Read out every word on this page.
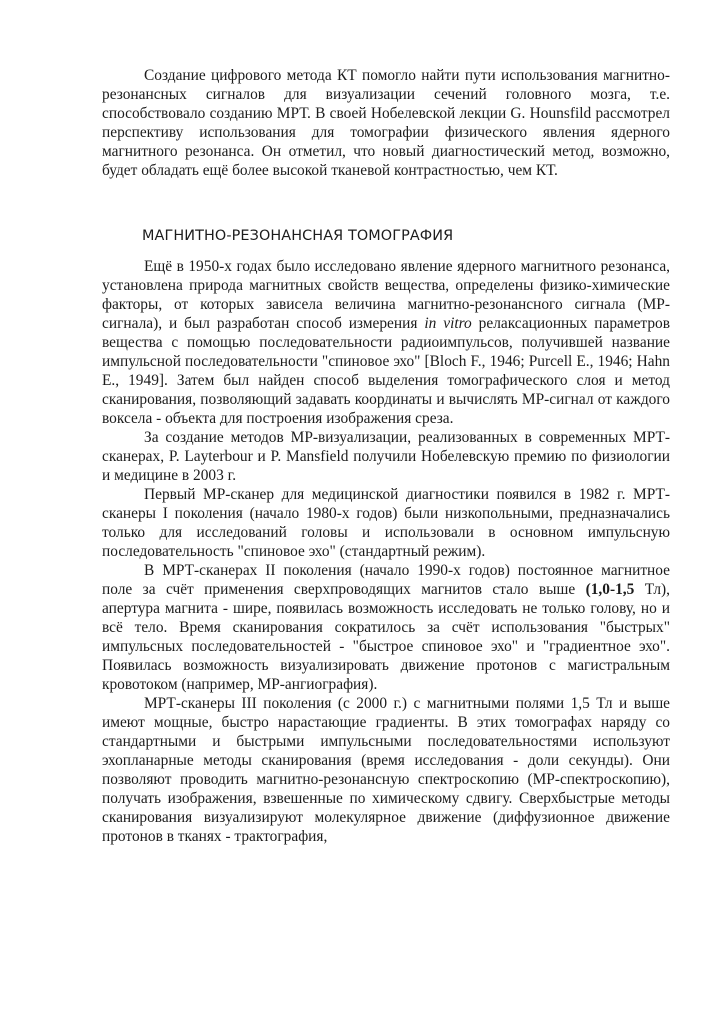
Создание цифрового метода КТ помогло найти пути использования магнитно-резонансных сигналов для визуализации сечений головного мозга, т.е. способствовало созданию МРТ. В своей Нобелевской лекции G. Hounsfild рассмотрел перспективу использования для томографии физического явления ядерного магнитного резонанса. Он отметил, что новый диагностический метод, возможно, будет обладать ещё более высокой тканевой контрастностью, чем КТ.

МАГНИТНО-РЕЗОНАНСНАЯ ТОМОГРАФИЯ

Ещё в 1950-х годах было исследовано явление ядерного магнитного резонанса, установлена природа магнитных свойств вещества, определены физико-химические факторы, от которых зависела величина магнитно-резонансного сигнала (МР-сигнала), и был разработан способ измерения in vitro релаксационных параметров вещества с помощью последовательности радиоимпульсов, получившей название импульсной последовательности "спиновое эхо" [Bloch F., 1946; Purcell E., 1946; Hahn E., 1949]. Затем был найден способ выделения томографического слоя и метод сканирования, позволяющий задавать координаты и вычислять МР-сигнал от каждого воксела - объекта для построения изображения среза.

За создание методов МР-визуализации, реализованных в современных МРТ-сканерах, P. Layterbour и P. Mansfield получили Нобелевскую премию по физиологии и медицине в 2003 г.

Первый МР-сканер для медицинской диагностики появился в 1982 г. МРТ-сканеры I поколения (начало 1980-х годов) были низкопольными, предназначались только для исследований головы и использовали в основном импульсную последовательность "спиновое эхо" (стандартный режим).

В МРТ-сканерах II поколения (начало 1990-х годов) постоянное магнитное поле за счёт применения сверхпроводящих магнитов стало выше (1,0-1,5 Тл), апертура магнита - шире, появилась возможность исследовать не только голову, но и всё тело. Время сканирования сократилось за счёт использования "быстрых" импульсных последовательностей - "быстрое спиновое эхо" и "градиентное эхо". Появилась возможность визуализировать движение протонов с магистральным кровотоком (например, МР-ангиография).

МРТ-сканеры III поколения (с 2000 г.) с магнитными полями 1,5 Тл и выше имеют мощные, быстро нарастающие градиенты. В этих томографах наряду со стандартными и быстрыми импульсными последовательностями используют эхопланарные методы сканирования (время исследования - доли секунды). Они позволяют проводить магнитно-резонансную спектроскопию (МР-спектроскопию), получать изображения, взвешенные по химическому сдвигу. Сверхбыстрые методы сканирования визуализируют молекулярное движение (диффузионное движение протонов в тканях - трактография,
